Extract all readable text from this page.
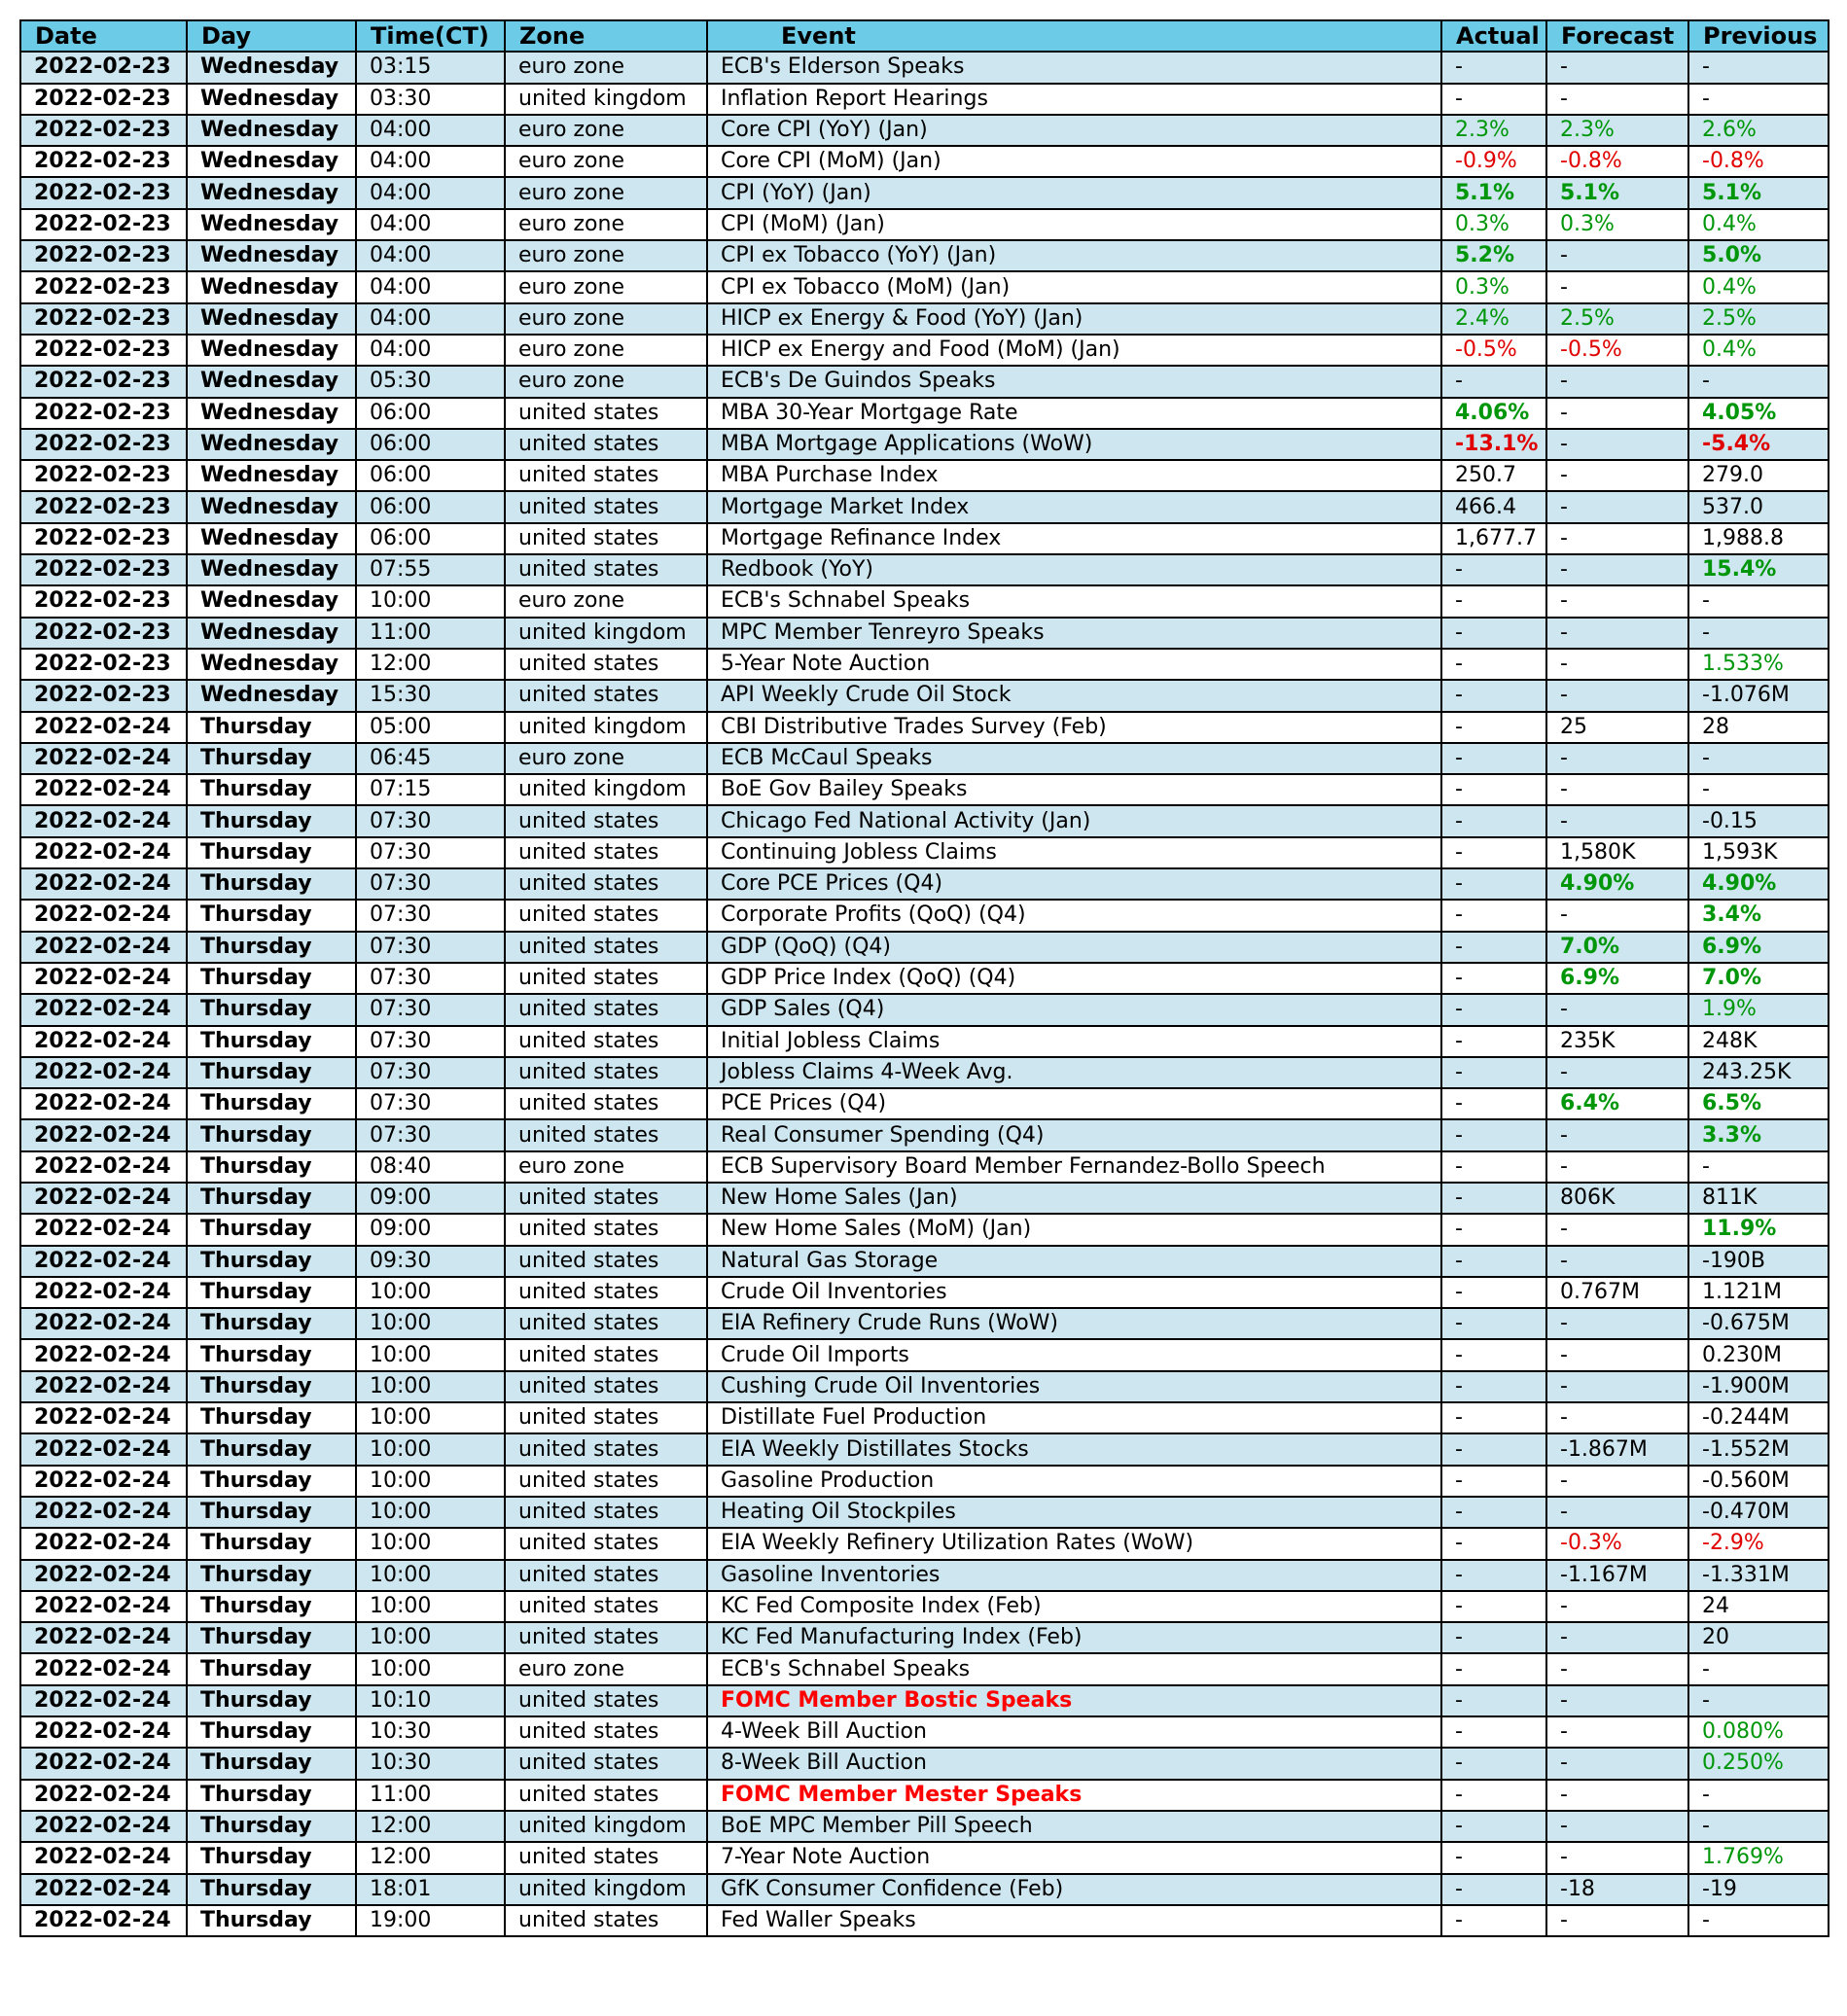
Date	Day	Time(CT)	Zone	Event	Actual	Forecast	Previous
2022-02-23	Wednesday	03:15	euro zone	ECB's Elderson Speaks	-	-	-
2022-02-23	Wednesday	03:30	united kingdom	Inflation Report Hearings	-	-	-
2022-02-23	Wednesday	04:00	euro zone	Core CPI (YoY) (Jan)	2.3%	2.3%	2.6%
2022-02-23	Wednesday	04:00	euro zone	Core CPI (MoM) (Jan)	-0.9%	-0.8%	-0.8%
2022-02-23	Wednesday	04:00	euro zone	CPI (YoY) (Jan)	5.1%	5.1%	5.1%
2022-02-23	Wednesday	04:00	euro zone	CPI (MoM) (Jan)	0.3%	0.3%	0.4%
2022-02-23	Wednesday	04:00	euro zone	CPI ex Tobacco (YoY) (Jan)	5.2%	-	5.0%
2022-02-23	Wednesday	04:00	euro zone	CPI ex Tobacco (MoM) (Jan)	0.3%	-	0.4%
2022-02-23	Wednesday	04:00	euro zone	HICP ex Energy & Food (YoY) (Jan)	2.4%	2.5%	2.5%
2022-02-23	Wednesday	04:00	euro zone	HICP ex Energy and Food (MoM) (Jan)	-0.5%	-0.5%	0.4%
2022-02-23	Wednesday	05:30	euro zone	ECB's De Guindos Speaks	-	-	-
2022-02-23	Wednesday	06:00	united states	MBA 30-Year Mortgage Rate	4.06%	-	4.05%
2022-02-23	Wednesday	06:00	united states	MBA Mortgage Applications (WoW)	-13.1%	-	-5.4%
2022-02-23	Wednesday	06:00	united states	MBA Purchase Index	250.7	-	279.0
2022-02-23	Wednesday	06:00	united states	Mortgage Market Index	466.4	-	537.0
2022-02-23	Wednesday	06:00	united states	Mortgage Refinance Index	1,677.7	-	1,988.8
2022-02-23	Wednesday	07:55	united states	Redbook (YoY)	-	-	15.4%
2022-02-23	Wednesday	10:00	euro zone	ECB's Schnabel Speaks	-	-	-
2022-02-23	Wednesday	11:00	united kingdom	MPC Member Tenreyro Speaks	-	-	-
2022-02-23	Wednesday	12:00	united states	5-Year Note Auction	-	-	1.533%
2022-02-23	Wednesday	15:30	united states	API Weekly Crude Oil Stock	-	-	-1.076M
2022-02-24	Thursday	05:00	united kingdom	CBI Distributive Trades Survey (Feb)	-	25	28
2022-02-24	Thursday	06:45	euro zone	ECB McCaul Speaks	-	-	-
2022-02-24	Thursday	07:15	united kingdom	BoE Gov Bailey Speaks	-	-	-
2022-02-24	Thursday	07:30	united states	Chicago Fed National Activity (Jan)	-	-	-0.15
2022-02-24	Thursday	07:30	united states	Continuing Jobless Claims	-	1,580K	1,593K
2022-02-24	Thursday	07:30	united states	Core PCE Prices (Q4)	-	4.90%	4.90%
2022-02-24	Thursday	07:30	united states	Corporate Profits (QoQ) (Q4)	-	-	3.4%
2022-02-24	Thursday	07:30	united states	GDP (QoQ) (Q4)	-	7.0%	6.9%
2022-02-24	Thursday	07:30	united states	GDP Price Index (QoQ) (Q4)	-	6.9%	7.0%
2022-02-24	Thursday	07:30	united states	GDP Sales (Q4)	-	-	1.9%
2022-02-24	Thursday	07:30	united states	Initial Jobless Claims	-	235K	248K
2022-02-24	Thursday	07:30	united states	Jobless Claims 4-Week Avg.	-	-	243.25K
2022-02-24	Thursday	07:30	united states	PCE Prices (Q4)	-	6.4%	6.5%
2022-02-24	Thursday	07:30	united states	Real Consumer Spending (Q4)	-	-	3.3%
2022-02-24	Thursday	08:40	euro zone	ECB Supervisory Board Member Fernandez-Bollo Speech	-	-	-
2022-02-24	Thursday	09:00	united states	New Home Sales (Jan)	-	806K	811K
2022-02-24	Thursday	09:00	united states	New Home Sales (MoM) (Jan)	-	-	11.9%
2022-02-24	Thursday	09:30	united states	Natural Gas Storage	-	-	-190B
2022-02-24	Thursday	10:00	united states	Crude Oil Inventories	-	0.767M	1.121M
2022-02-24	Thursday	10:00	united states	EIA Refinery Crude Runs (WoW)	-	-	-0.675M
2022-02-24	Thursday	10:00	united states	Crude Oil Imports	-	-	0.230M
2022-02-24	Thursday	10:00	united states	Cushing Crude Oil Inventories	-	-	-1.900M
2022-02-24	Thursday	10:00	united states	Distillate Fuel Production	-	-	-0.244M
2022-02-24	Thursday	10:00	united states	EIA Weekly Distillates Stocks	-	-1.867M	-1.552M
2022-02-24	Thursday	10:00	united states	Gasoline Production	-	-	-0.560M
2022-02-24	Thursday	10:00	united states	Heating Oil Stockpiles	-	-	-0.470M
2022-02-24	Thursday	10:00	united states	EIA Weekly Refinery Utilization Rates (WoW)	-	-0.3%	-2.9%
2022-02-24	Thursday	10:00	united states	Gasoline Inventories	-	-1.167M	-1.331M
2022-02-24	Thursday	10:00	united states	KC Fed Composite Index (Feb)	-	-	24
2022-02-24	Thursday	10:00	united states	KC Fed Manufacturing Index (Feb)	-	-	20
2022-02-24	Thursday	10:00	euro zone	ECB's Schnabel Speaks	-	-	-
2022-02-24	Thursday	10:10	united states	FOMC Member Bostic Speaks	-	-	-
2022-02-24	Thursday	10:30	united states	4-Week Bill Auction	-	-	0.080%
2022-02-24	Thursday	10:30	united states	8-Week Bill Auction	-	-	0.250%
2022-02-24	Thursday	11:00	united states	FOMC Member Mester Speaks	-	-	-
2022-02-24	Thursday	12:00	united kingdom	BoE MPC Member Pill Speech	-	-	-
2022-02-24	Thursday	12:00	united states	7-Year Note Auction	-	-	1.769%
2022-02-24	Thursday	18:01	united kingdom	GfK Consumer Confidence (Feb)	-	-18	-19
2022-02-24	Thursday	19:00	united states	Fed Waller Speaks	-	-	-
